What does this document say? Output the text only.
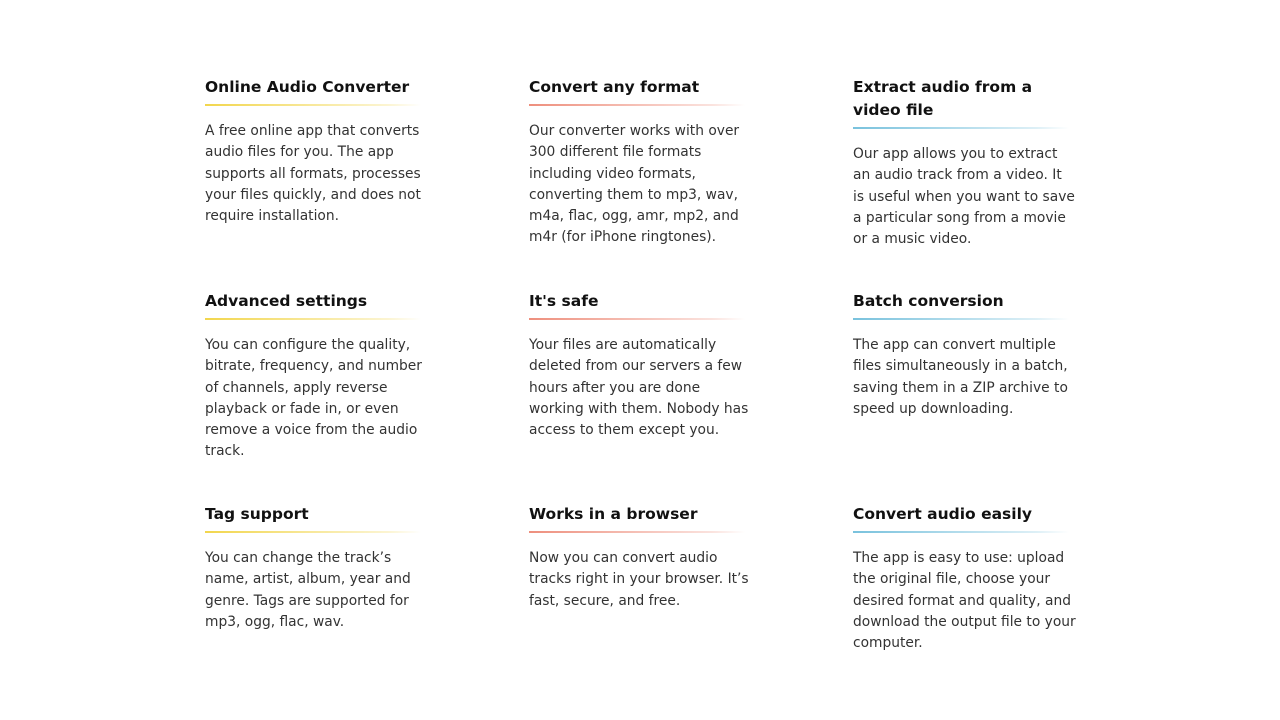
Online Audio Converter

A free online app that converts audio files for you. The app supports all formats, processes your files quickly, and does not require installation.

Convert any format

Our converter works with over 300 different file formats including video formats, converting them to mp3, wav, m4a, flac, ogg, amr, mp2, and m4r (for iPhone ringtones).

Extract audio from a video file

Our app allows you to extract an audio track from a video. It is useful when you want to save a particular song from a movie or a music video.

Advanced settings

You can configure the quality, bitrate, frequency, and number of channels, apply reverse playback or fade in, or even remove a voice from the audio track.

It's safe

Your files are automatically deleted from our servers a few hours after you are done working with them. Nobody has access to them except you.

Batch conversion

The app can convert multiple files simultaneously in a batch, saving them in a ZIP archive to speed up downloading.

Tag support

You can change the track’s name, artist, album, year and genre. Tags are supported for mp3, ogg, flac, wav.

Works in a browser

Now you can convert audio tracks right in your browser. It’s fast, secure, and free.

Convert audio easily

The app is easy to use: upload the original file, choose your desired format and quality, and download the output file to your computer.
